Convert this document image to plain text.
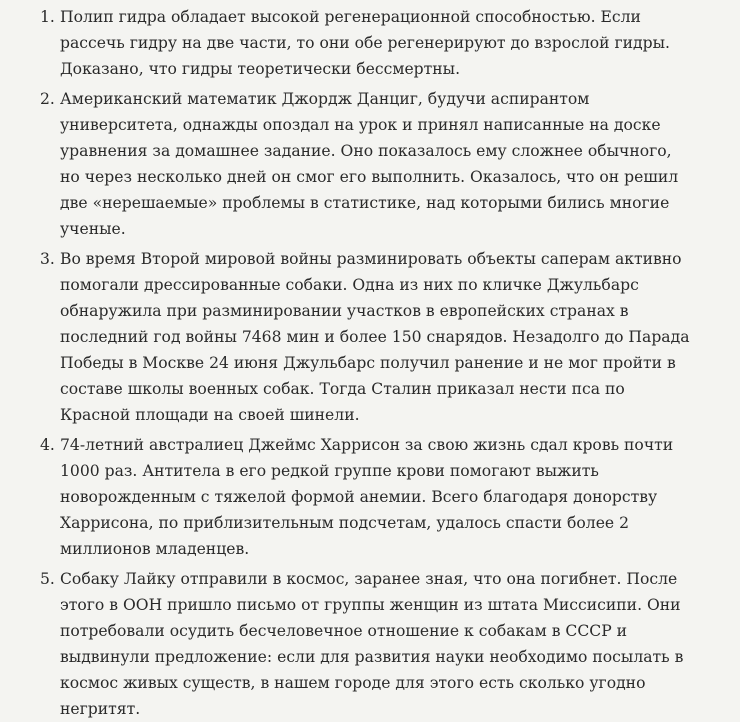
1. Полип гидра обладает высокой регенерационной способностью. Если рассечь гидру на две части, то они обе регенерируют до взрослой гидры. Доказано, что гидры теоретически бессмертны.
2. Американский математик Джордж Данциг, будучи аспирантом университета, однажды опоздал на урок и принял написанные на доске уравнения за домашнее задание. Оно показалось ему сложнее обычного, но через несколько дней он смог его выполнить. Оказалось, что он решил две «нерешаемые» проблемы в статистике, над которыми бились многие ученые.
3. Во время Второй мировой войны разминировать объекты саперам активно помогали дрессированные собаки. Одна из них по кличке Джульбарс обнаружила при разминировании участков в европейских странах в последний год войны 7468 мин и более 150 снарядов. Незадолго до Парада Победы в Москве 24 июня Джульбарс получил ранение и не мог пройти в составе школы военных собак. Тогда Сталин приказал нести пса по Красной площади на своей шинели.
4. 74-летний австралиец Джеймс Харрисон за свою жизнь сдал кровь почти 1000 раз. Антитела в его редкой группе крови помогают выжить новорожденным с тяжелой формой анемии. Всего благодаря донорству Харрисона, по приблизительным подсчетам, удалось спасти более 2 миллионов младенцев.
5. Собаку Лайку отправили в космос, заранее зная, что она погибнет. После этого в ООН пришло письмо от группы женщин из штата Миссисипи. Они потребовали осудить бесчеловечное отношение к собакам в СССР и выдвинули предложение: если для развития науки необходимо посылать в космос живых существ, в нашем городе для этого есть сколько угодно негритят.
